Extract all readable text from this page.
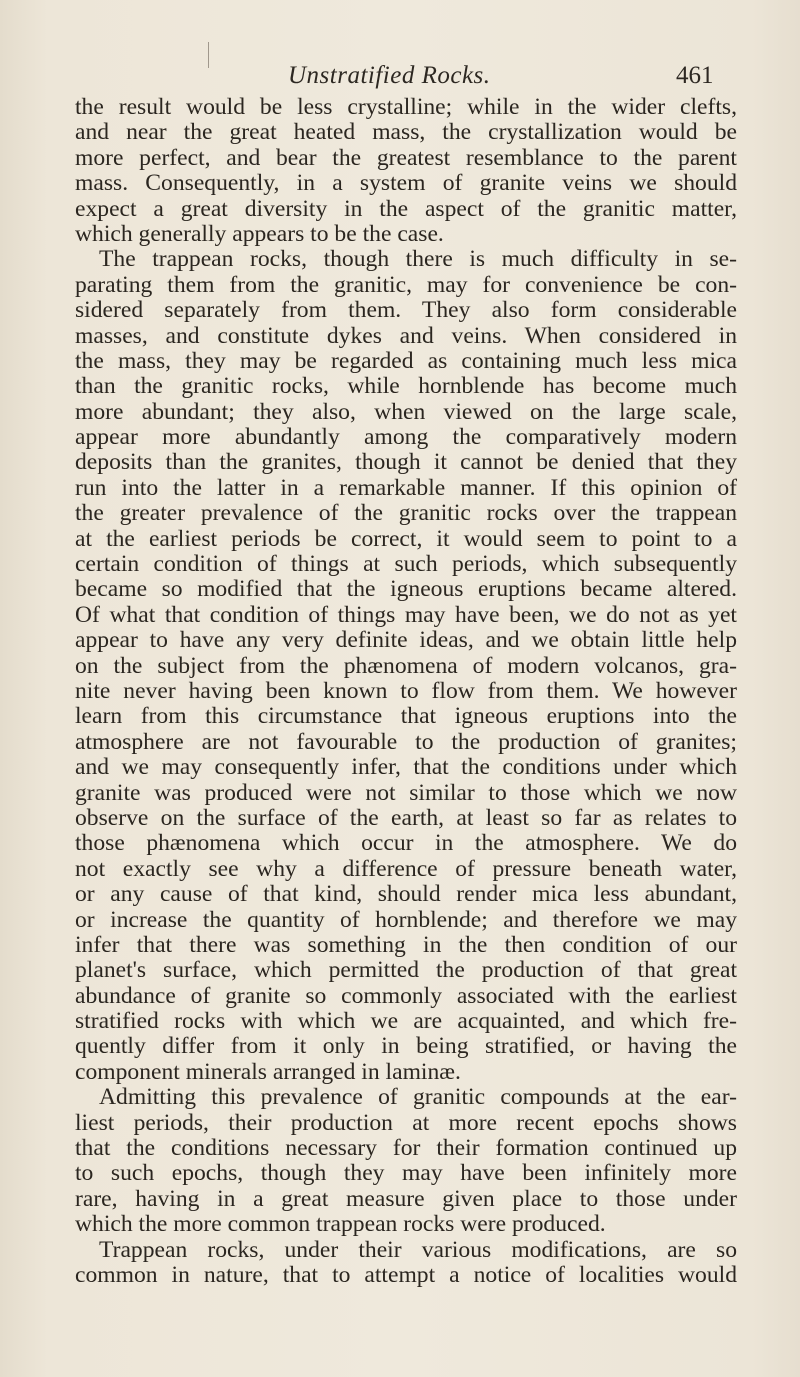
Unstratified Rocks.	461
the result would be less crystalline; while in the wider clefts,
and near the great heated mass, the crystallization would be
more perfect, and bear the greatest resemblance to the parent
mass. Consequently, in a system of granite veins we should
expect a great diversity in the aspect of the granitic matter,
which generally appears to be the case.
The trappean rocks, though there is much difficulty in se-
parating them from the granitic, may for convenience be con-
sidered separately from them. They also form considerable
masses, and constitute dykes and veins. When considered in
the mass, they may be regarded as containing much less mica
than the granitic rocks, while hornblende has become much
more abundant; they also, when viewed on the large scale,
appear more abundantly among the comparatively modern
deposits than the granites, though it cannot be denied that they
run into the latter in a remarkable manner. If this opinion of
the greater prevalence of the granitic rocks over the trappean
at the earliest periods be correct, it would seem to point to a
certain condition of things at such periods, which subsequently
became so modified that the igneous eruptions became altered.
Of what that condition of things may have been, we do not as yet
appear to have any very definite ideas, and we obtain little help
on the subject from the phænomena of modern volcanos, gra-
nite never having been known to flow from them. We however
learn from this circumstance that igneous eruptions into the
atmosphere are not favourable to the production of granites;
and we may consequently infer, that the conditions under which
granite was produced were not similar to those which we now
observe on the surface of the earth, at least so far as relates to
those phænomena which occur in the atmosphere. We do
not exactly see why a difference of pressure beneath water,
or any cause of that kind, should render mica less abundant,
or increase the quantity of hornblende; and therefore we may
infer that there was something in the then condition of our
planet's surface, which permitted the production of that great
abundance of granite so commonly associated with the earliest
stratified rocks with which we are acquainted, and which fre-
quently differ from it only in being stratified, or having the
component minerals arranged in laminæ.
Admitting this prevalence of granitic compounds at the ear-
liest periods, their production at more recent epochs shows
that the conditions necessary for their formation continued up
to such epochs, though they may have been infinitely more
rare, having in a great measure given place to those under
which the more common trappean rocks were produced.
Trappean rocks, under their various modifications, are so
common in nature, that to attempt a notice of localities would
